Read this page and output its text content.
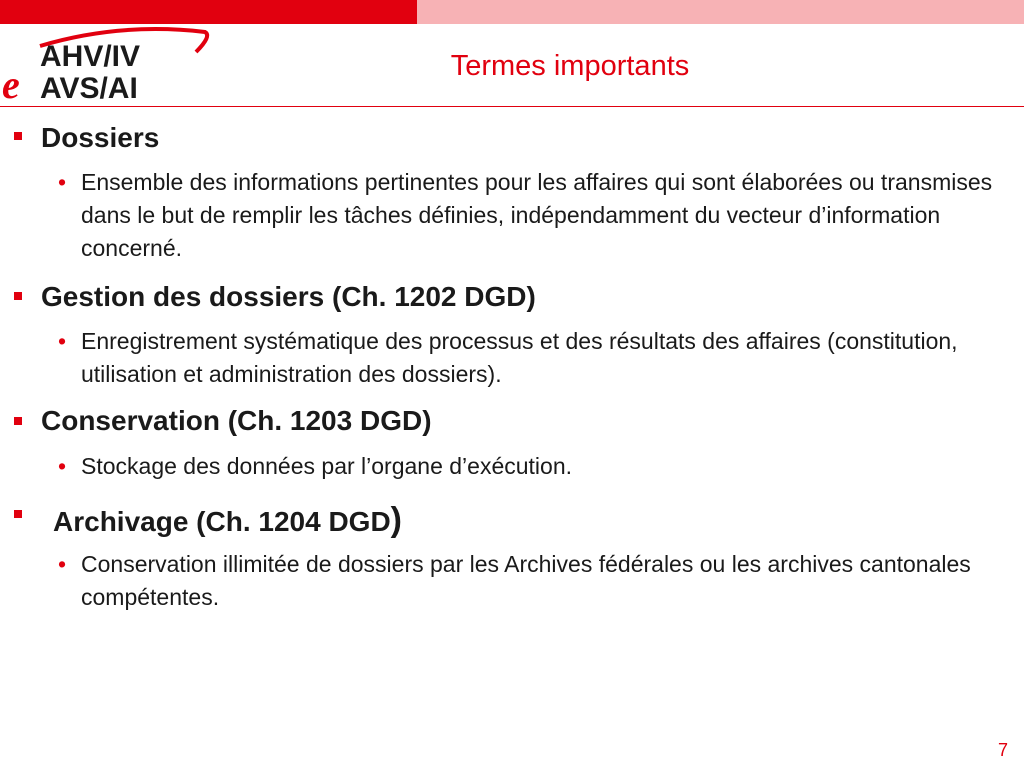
e
AHV/IV
AVS/AI
Termes importants
Dossiers
• Ensemble des informations pertinentes pour les affaires qui sont élaborées ou transmises dans le but de remplir les tâches définies, indépendamment du vecteur d’information concerné.
Gestion des dossiers (Ch. 1202 DGD)
• Enregistrement systématique des processus et des résultats des affaires (constitution, utilisation et administration des dossiers).
Conservation (Ch. 1203 DGD)
• Stockage des données par l’organe d’exécution.
Archivage (Ch. 1204 DGD)
• Conservation illimitée de dossiers par les Archives fédérales ou les archives cantonales compétentes.
7
